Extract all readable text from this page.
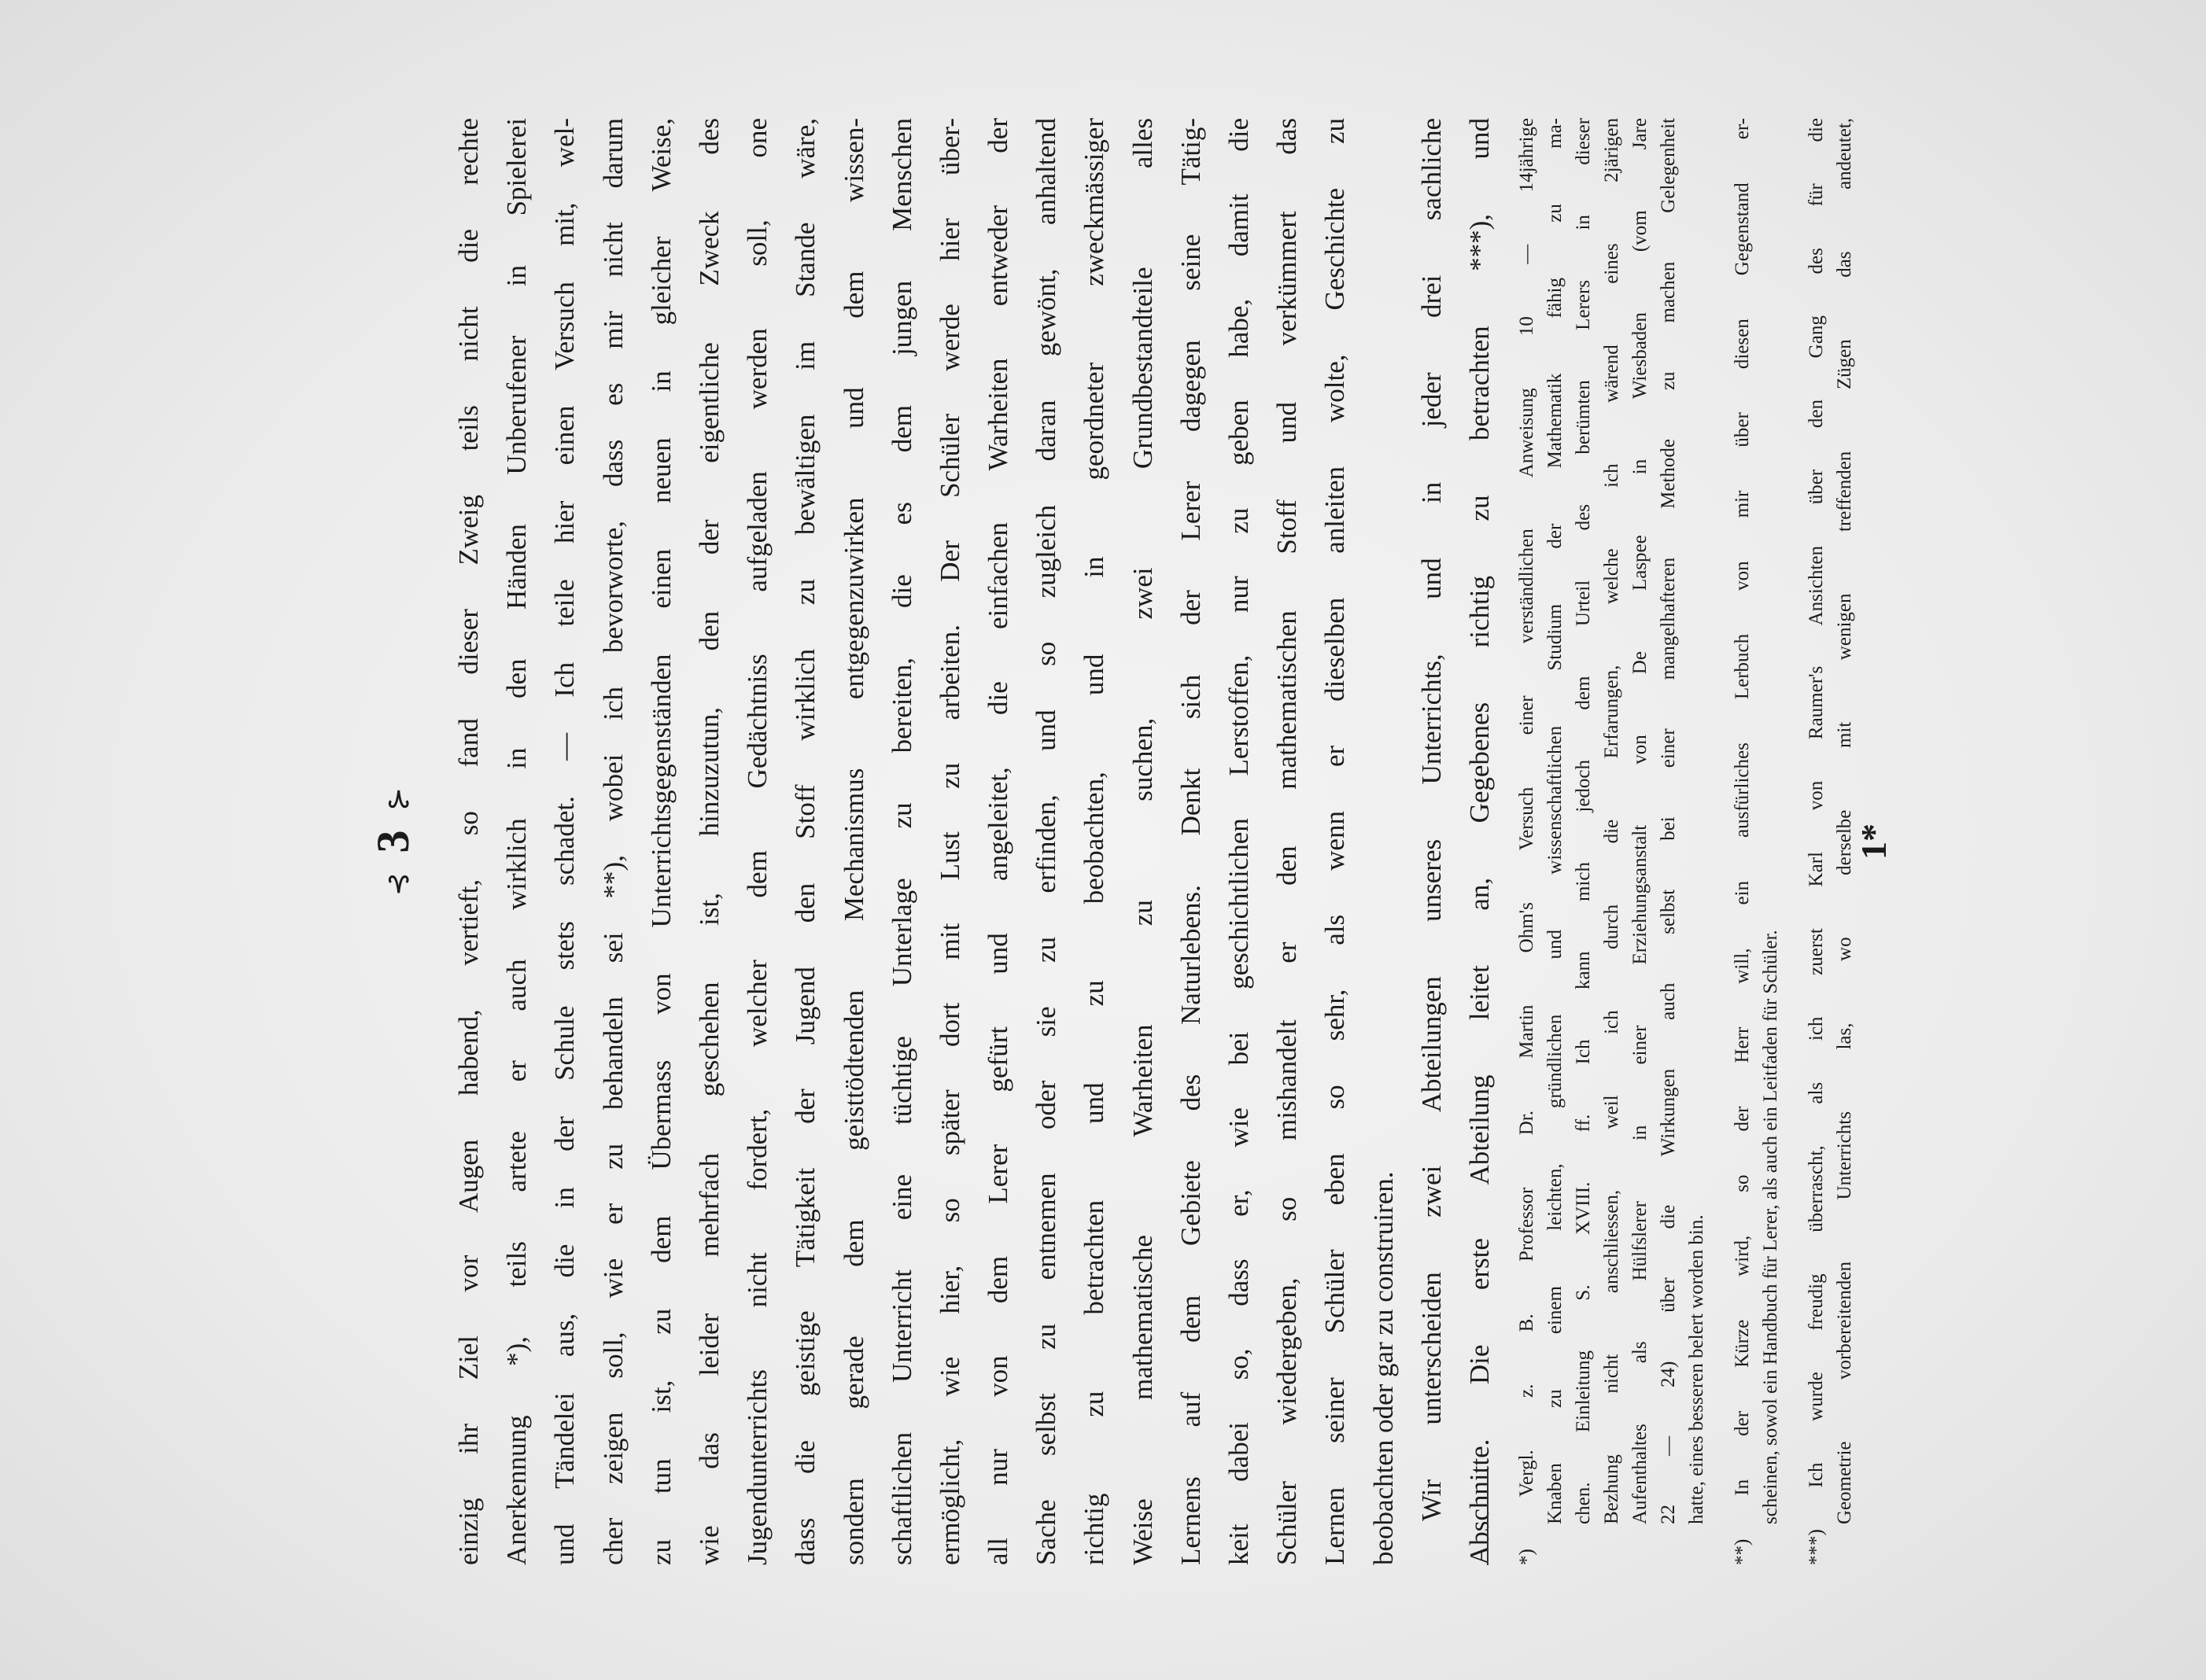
⊰ 3 ⊱	einzig ihr Ziel vor Augen habend, vertieft, so fand dieser Zweig teils nicht die rechte Anerkennung *), teils artete er auch wirklich in den Händen Unberufener in Spielerei und Tändelei aus, die in der Schule stets schadet. — Ich teile hier einen Versuch mit, wel- cher zeigen soll, wie er zu behandeln sei **), wobei ich bevorworte, dass es mir nicht darum zu tun ist, zu dem Übermass von Unterrichtsgegenständen einen neuen in gleicher Weise, wie das leider mehrfach geschehen ist, hinzuzutun, den der eigentliche Zweck des Jugendunterrichts nicht fordert, welcher dem Gedächtniss aufgeladen werden soll, one dass die geistige Tätigkeit der Jugend den Stoff wirklich zu bewältigen im Stande wäre, sondern gerade dem geisttödtenden Mechanismus entgegenzuwirken und dem wissen- schaftlichen Unterricht eine tüchtige Unterlage zu bereiten, die es dem jungen Menschen ermöglicht, wie hier, so später dort mit Lust zu arbeiten. Der Schüler werde hier über- all nur von dem Lerer gefürt und angeleitet, die einfachen Warheiten entweder der Sache selbst zu entnemen oder sie zu erfinden, und so zugleich daran gewönt, anhaltend richtig zu betrachten und zu beobachten, und in geordneter zweckmässiger Weise mathematische Warheiten zu suchen, zwei Grundbestandteile alles Lernens auf dem Gebiete des Naturlebens. Denkt sich der Lerer dagegen seine Tätig- keit dabei so, dass er, wie bei geschichtlichen Lerstoffen, nur zu geben habe, damit die Schüler wiedergeben, so mishandelt er den mathematischen Stoff und verkümmert das Lernen seiner Schüler eben so sehr, als wenn er dieselben anleiten wolte, Geschichte zu beobachten oder gar zu construiren. Wir unterscheiden zwei Abteilungen unseres Unterrichts, und in jeder drei sachliche Abschnitte. Die erste Abteilung leitet an, Gegebenes richtig zu betrachten ***), und	*) Vergl. z. B. Professor Dr. Martin Ohm's Versuch einer verständlichen Anweisung 10 — 14jährige Knaben zu einem leichten, gründlichen und wissenschaftlichen Studium der Mathematik fähig zu ma- chen. Einleitung S. XVIII. ff. Ich kann mich jedoch dem Urteil des berümten Lerers in dieser Bezhung nicht anschliessen, weil ich durch die Erfarungen, welche ich wärend eines 2järigen Aufenthaltes als Hülfslerer in einer Erziehungsanstalt von De Laspee in Wiesbaden (vom Jare 22 — 24) über die Wirkungen auch selbst bei einer mangelhafteren Methode zu machen Gelegenheit hatte, eines besseren belert worden bin. **) In der Kürze wird, so der Herr will, ein ausfürliches Lerbuch von mir über diesen Gegenstand er- scheinen, sowol ein Handbuch für Lerer, als auch ein Leitfaden für Schüler. ***) Ich wurde freudig überrascht, als ich zuerst Karl von Raumer's Ansichten über den Gang des für die Geometrie vorbereitenden Unterrichts las, wo derselbe mit wenigen treffenden Zügen das andeutet,
1*
